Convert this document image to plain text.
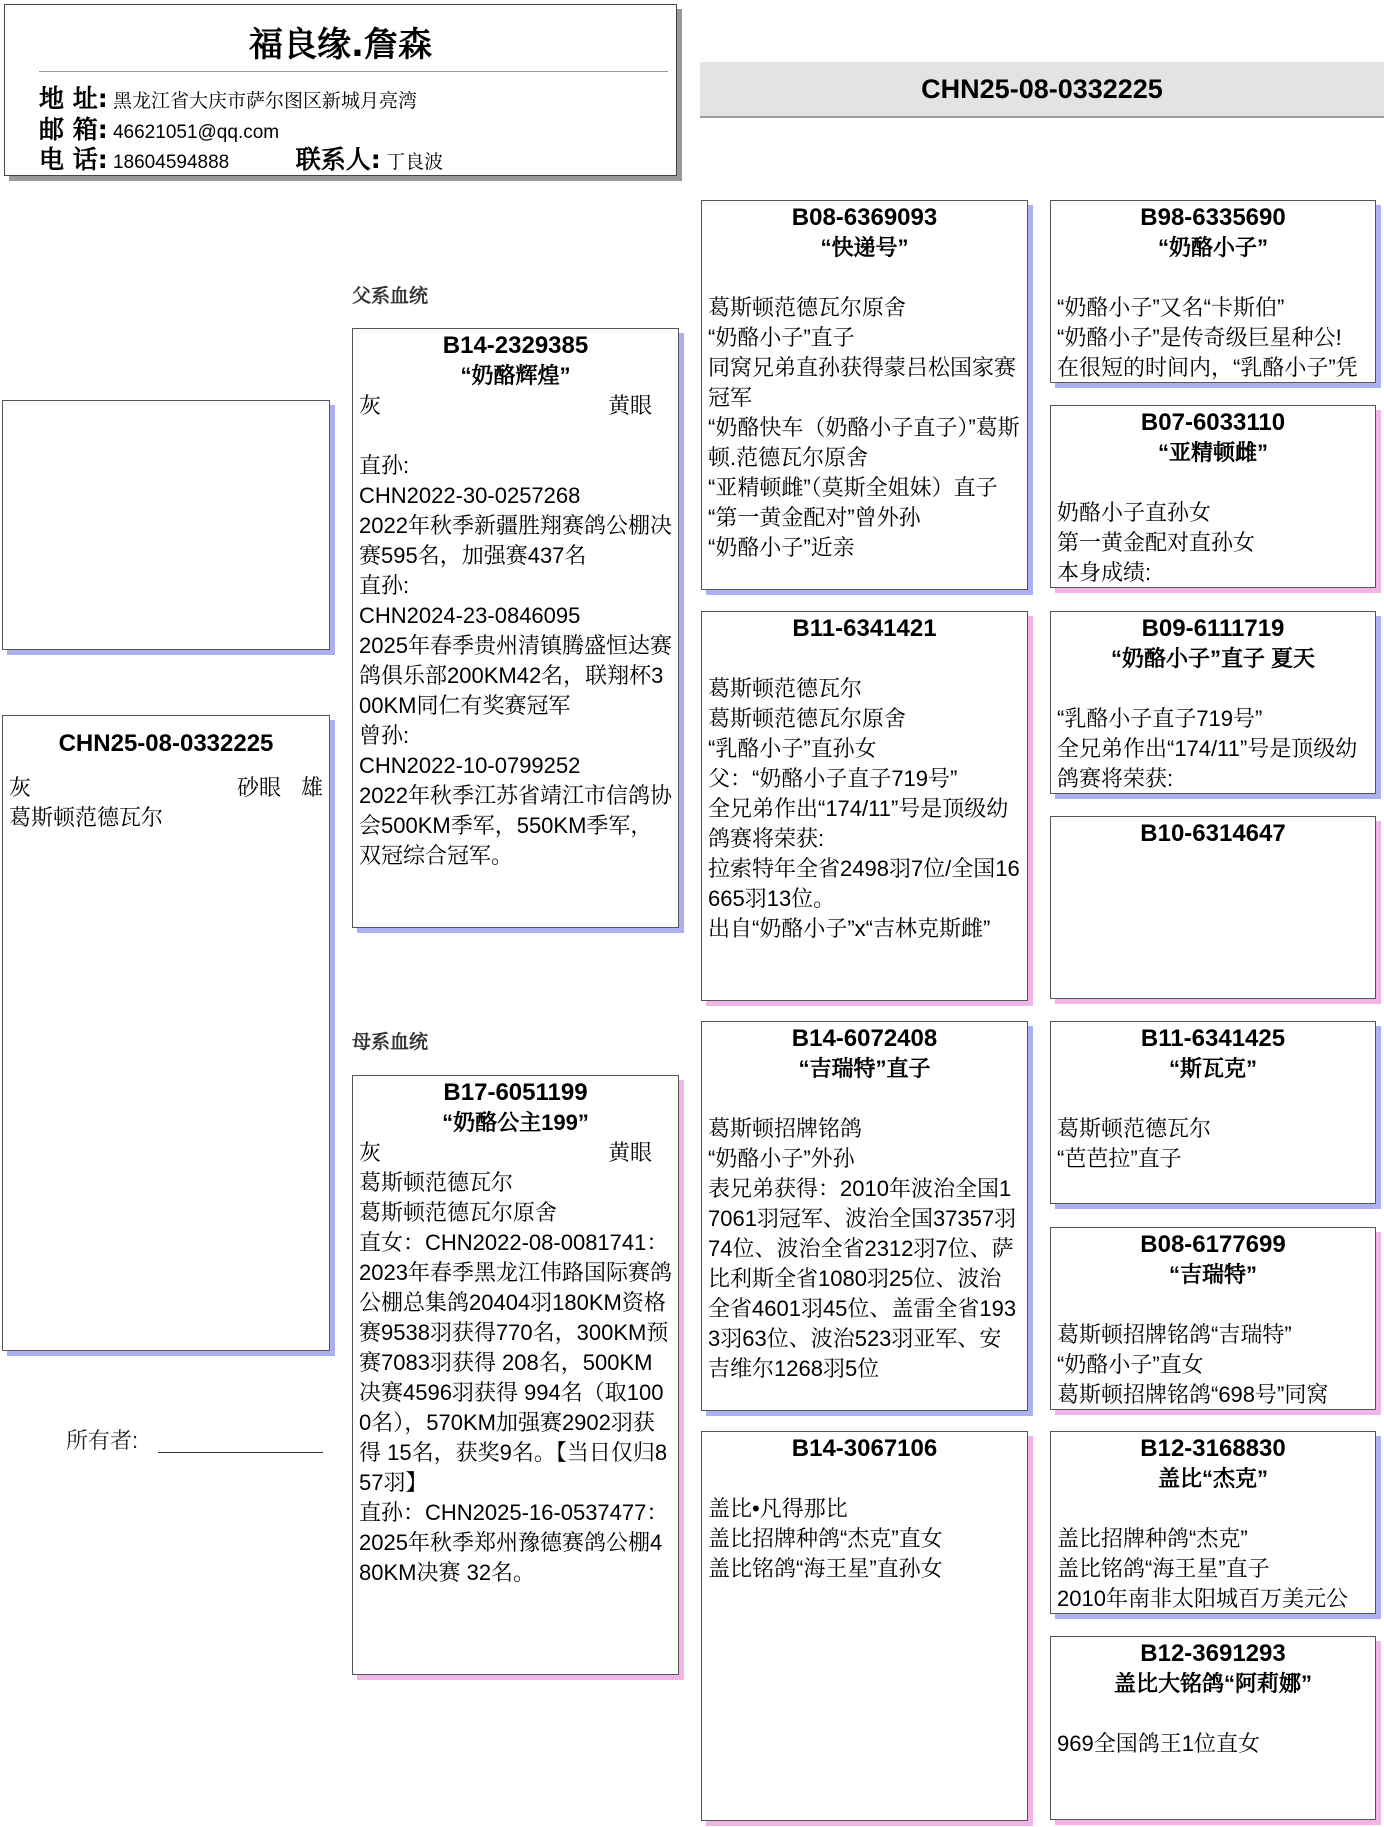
福良缘.詹森
地 址: 黑龙江省大庆市萨尔图区新城月亮湾
邮 箱: 46621051@qq.com
电 话: 18604594888	联系人: 丁良波
CHN25-08-0332225
CHN25-08-0332225
灰	砂眼 雄
葛斯顿范德瓦尔
所有者:
父系血统
母系血统
B14-2329385
“奶酪辉煌”
灰	黄眼

直孙:
CHN2022-30-0257268
2022年秋季新疆胜翔赛鸽公棚决赛595名，加强赛437名
直孙:
CHN2024-23-0846095
2025年春季贵州清镇腾盛恒达赛鸽俱乐部200KM42名，联翔杯300KM同仁有奖赛冠军
曾孙:
CHN2022-10-0799252
2022年秋季江苏省靖江市信鸽协会500KM季军，550KM季军，双冠综合冠军。
B17-6051199
“奶酪公主199”
灰	黄眼
葛斯顿范德瓦尔
葛斯顿范德瓦尔原舍
直女：CHN2022-08-0081741： 2023年春季黑龙江伟路国际赛鸽公棚总集鸽20404羽180KM资格赛9538羽获得770名，300KM预赛7083羽获得 208名，500KM决赛4596羽获得 994名（取1000名），570KM加强赛2902羽获得 15名，获奖9名。【当日仅归857羽】
直孙：CHN2025-16-0537477：2025年秋季郑州豫德赛鸽公棚480KM决赛 32名。
B08-6369093
“快递号”

葛斯顿范德瓦尔原舍
“奶酪小子”直子
同窝兄弟直孙获得蒙吕松国家赛冠军
“奶酪快车（奶酪小子直子）”葛斯顿.范德瓦尔原舍
“亚精顿雌”（莫斯全姐妹）直子
“第一黄金配对”曾外孙
“奶酪小子”近亲
B11-6341421

葛斯顿范德瓦尔
葛斯顿范德瓦尔原舍
“乳酪小子”直孙女
父：“奶酪小子直子719号”
全兄弟作出“174/11”号是顶级幼鸽赛将荣获:
拉索特年全省2498羽7位/全国16665羽13位。
出自“奶酪小子”x“吉林克斯雌”
B14-6072408
“吉瑞特”直子

葛斯顿招牌铭鸽
“奶酪小子”外孙
表兄弟获得：2010年波治全国17061羽冠军、波治全国37357羽74位、波治全省2312羽7位、萨比利斯全省1080羽25位、波治全省4601羽45位、盖雷全省1933羽63位、波治523羽亚军、安吉维尔1268羽5位
B14-3067106

盖比•凡得那比
盖比招牌种鸽“杰克”直女
盖比铭鸽“海王星”直孙女
B98-6335690
“奶酪小子”

“奶酪小子”又名“卡斯伯”
“奶酪小子”是传奇级巨星种公!
在很短的时间内，“乳酪小子”凭
B07-6033110
“亚精顿雌”

奶酪小子直孙女
第一黄金配对直孙女
本身成绩:
B09-6111719
“奶酪小子”直子 夏天

“乳酪小子直子719号”
全兄弟作出“174/11”号是顶级幼鸽赛将荣获:
B10-6314647
B11-6341425
“斯瓦克”

葛斯顿范德瓦尔
“芭芭拉”直子
B08-6177699
“吉瑞特”

葛斯顿招牌铭鸽“吉瑞特”
“奶酪小子”直女
葛斯顿招牌铭鸽“698号”同窝
B12-3168830
盖比“杰克”

盖比招牌种鸽“杰克”
盖比铭鸽“海王星”直子
2010年南非太阳城百万美元公
B12-3691293
盖比大铭鸽“阿莉娜”

969全国鸽王1位直女
